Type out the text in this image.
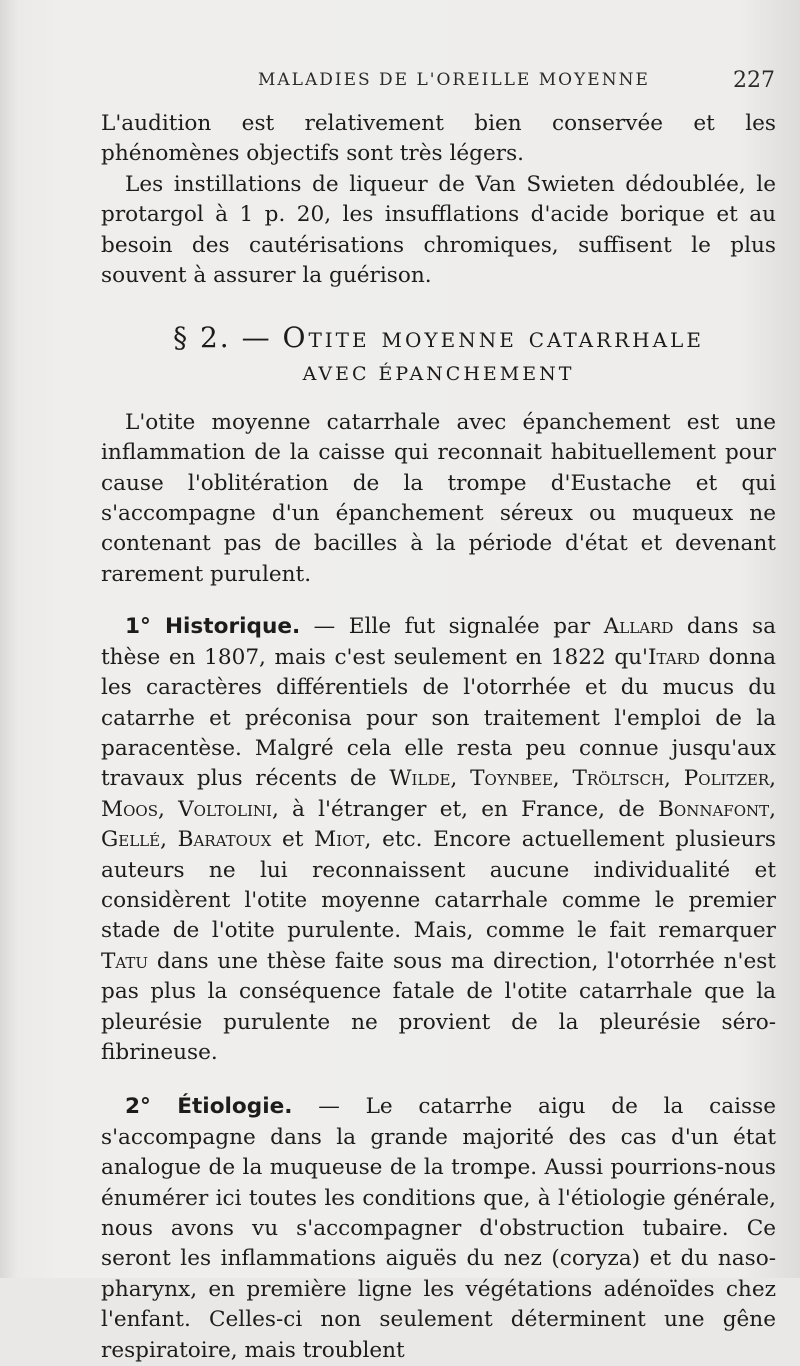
MALADIES DE L'OREILLE MOYENNE	227

L'audition est relativement bien conservée et les phénomènes objectifs sont très légers.

Les instillations de liqueur de Van Swieten dédoublée, le protargol à 1 p. 20, les insufflations d'acide borique et au besoin des cautérisations chromiques, suffisent le plus souvent à assurer la guérison.

§ 2. — Otite moyenne catarrhale
AVEC ÉPANCHEMENT

L'otite moyenne catarrhale avec épanchement est une inflammation de la caisse qui reconnait habituellement pour cause l'oblitération de la trompe d'Eustache et qui s'accompagne d'un épanchement séreux ou muqueux ne contenant pas de bacilles à la période d'état et devenant rarement purulent.

1° Historique. — Elle fut signalée par Allard dans sa thèse en 1807, mais c'est seulement en 1822 qu'Itard donna les caractères différentiels de l'otorrhée et du mucus du catarrhe et préconisa pour son traitement l'emploi de la paracentèse. Malgré cela elle resta peu connue jusqu'aux travaux plus récents de Wilde, Toynbee, Tröltsch, Politzer, Moos, Voltolini, à l'étranger et, en France, de Bonnafont, Gellé, Baratoux et Miot, etc. Encore actuellement plusieurs auteurs ne lui reconnaissent aucune individualité et considèrent l'otite moyenne catarrhale comme le premier stade de l'otite purulente. Mais, comme le fait remarquer Tatu dans une thèse faite sous ma direction, l'otorrhée n'est pas plus la conséquence fatale de l'otite catarrhale que la pleurésie purulente ne provient de la pleurésie séro-fibrineuse.

2° Étiologie. — Le catarrhe aigu de la caisse s'accompagne dans la grande majorité des cas d'un état analogue de la muqueuse de la trompe. Aussi pourrions-nous énumérer ici toutes les conditions que, à l'étiologie générale, nous avons vu s'accompagner d'obstruction tubaire. Ce seront les inflammations aiguës du nez (coryza) et du naso-pharynx, en première ligne les végétations adénoïdes chez l'enfant. Celles-ci non seulement déterminent une gêne respiratoire, mais troublent
